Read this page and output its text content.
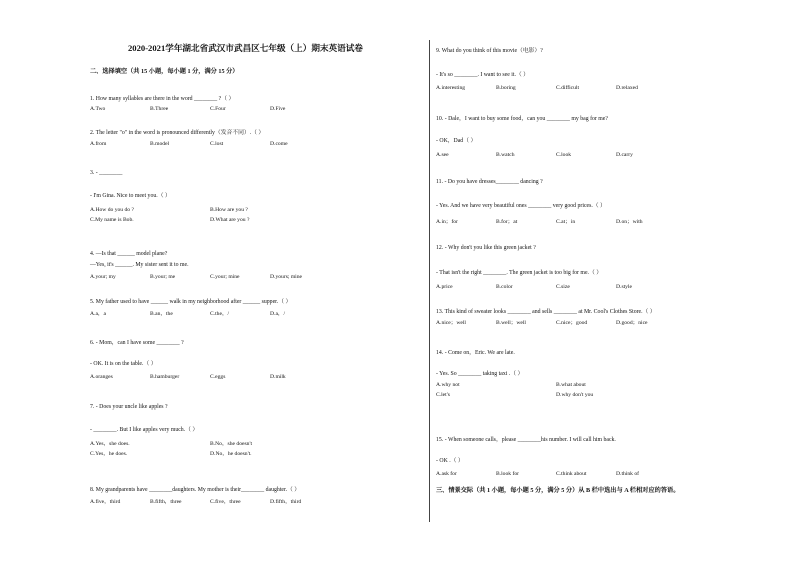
2020-2021学年湖北省武汉市武昌区七年级（上）期末英语试卷
二、选择填空（共 15 小题，每小题 1 分，满分 15 分）
1. How many syllables are there in the word ________ ?（ ）
A.Two	B.Three	C.Four	D.Five
2. The letter "o" in the word is pronounced differently（发音不同）.（ ）
A.from	B.model	C.lost	D.come
3. - ________
- I'm Gina. Nice to meet you.（ ）
A.How do you do ?	B.How are you ?
C.My name is Bob.	D.What are you ?
4. —Is that ______ model plane?
—Yes, it's ______. My sister sent it to me.
A.your; my	B.your; me	C.your; mine	D.yours; mine
5. My father used to have ______ walk in my neighborhood after ______ supper.（ ）
A.a，a	B.an，the	C.the，/	D.a，/
6. - Mom，can I have some ________ ?
- OK. It is on the table.（ ）
A.oranges	B.hamburger	C.eggs	D.milk
7. - Does your uncle like apples ?
- ________. But I like apples very much.（ ）
A.Yes，she does.	B.No，she doesn't
C.Yes，he does.	D.No，he doesn't.
8. My grandparents have ________daughters. My mother is their________ daughter.（ ）
A.five，third	B.fifth，three	C.five，three	D.fifth，third
9. What do you think of this movie（电影）?
- It's so ________. I want to see it.（ ）
A.interesting	B.boring	C.difficult	D.relaxed
10. - Dale，I want to buy some food，can you ________ my bag for me?
- OK，Dad（ ）
A.see	B.watch	C.look	D.carry
11. - Do you have dresses________ dancing ?
- Yes. And we have very beautiful ones ________ very good prices.（ ）
A.in；for	B.for；at	C.at；in	D.on；with
12. - Why don't you like this green jacket ?
- That isn't the right ________. The green jacket is too big for me.（ ）
A.price	B.color	C.size	D.style
13. This kind of sweater looks ________ and sells ________ at Mr. Cool's Clothes Store.（ ）
A.nice；well	B.well；well	C.nice；good	D.good；nice
14. - Come on，Eric. We are late.
- Yes. So ________ taking taxi .（ ）
A.why not	B.what about
C.let's	D.why don't you
15. - When someone calls，please ________his number. I will call him back.
- OK .（ ）
A.ask for	B.look for	C.think about	D.think of
三、情景交际（共 1 小题，每小题 5 分，满分 5 分）从 B 栏中选出与 A 栏相对应的答语。
